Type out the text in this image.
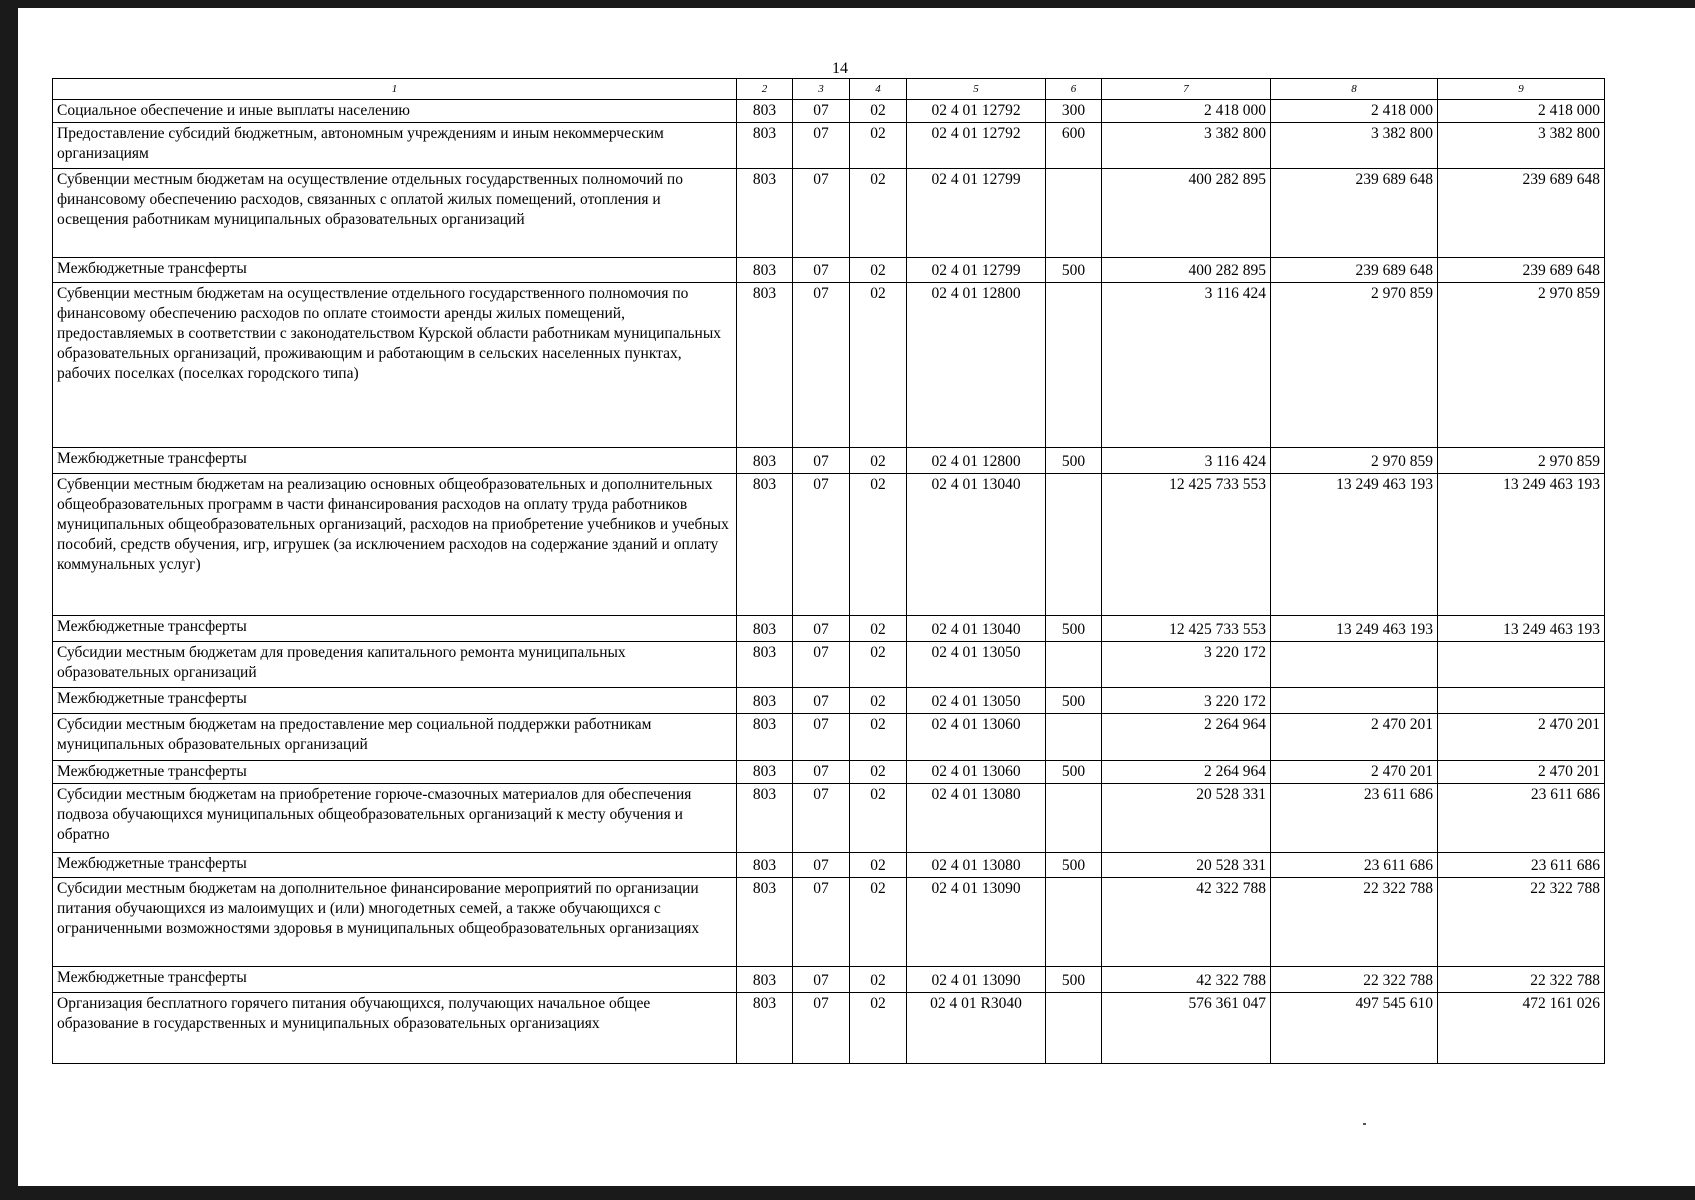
14
1	2	3	4	5	6	7	8	9
Социальное обеспечение и иные выплаты населению	803	07	02	02 4 01 12792	300	2 418 000	2 418 000	2 418 000
Предоставление субсидий бюджетным, автономным учреждениям и иным некоммерческим организациям	803	07	02	02 4 01 12792	600	3 382 800	3 382 800	3 382 800
Субвенции местным бюджетам на осуществление отдельных государственных полномочий по финансовому обеспечению расходов, связанных с оплатой жилых помещений, отопления и освещения работникам муниципальных образовательных организаций	803	07	02	02 4 01 12799		400 282 895	239 689 648	239 689 648
Межбюджетные трансферты	803	07	02	02 4 01 12799	500	400 282 895	239 689 648	239 689 648
Субвенции местным бюджетам на осуществление отдельного государственного полномочия по финансовому обеспечению расходов по оплате стоимости аренды жилых помещений, предоставляемых в соответствии с законодательством Курской области работникам муниципальных образовательных организаций, проживающим и работающим в сельских населенных пунктах, рабочих поселках (поселках городского типа)	803	07	02	02 4 01 12800		3 116 424	2 970 859	2 970 859
Межбюджетные трансферты	803	07	02	02 4 01 12800	500	3 116 424	2 970 859	2 970 859
Субвенции местным бюджетам на реализацию основных общеобразовательных и дополнительных общеобразовательных программ в части финансирования расходов на оплату труда работников муниципальных общеобразовательных организаций, расходов на приобретение учебников и учебных пособий, средств обучения, игр, игрушек (за исключением расходов на содержание зданий и оплату коммунальных услуг)	803	07	02	02 4 01 13040		12 425 733 553	13 249 463 193	13 249 463 193
Межбюджетные трансферты	803	07	02	02 4 01 13040	500	12 425 733 553	13 249 463 193	13 249 463 193
Субсидии местным бюджетам для проведения капитального ремонта муниципальных образовательных организаций	803	07	02	02 4 01 13050		3 220 172		
Межбюджетные трансферты	803	07	02	02 4 01 13050	500	3 220 172		
Субсидии местным бюджетам на предоставление мер социальной поддержки работникам муниципальных образовательных организаций	803	07	02	02 4 01 13060		2 264 964	2 470 201	2 470 201
Межбюджетные трансферты	803	07	02	02 4 01 13060	500	2 264 964	2 470 201	2 470 201
Субсидии местным бюджетам на приобретение горюче-смазочных материалов для обеспечения подвоза обучающихся муниципальных общеобразовательных организаций к месту обучения и обратно	803	07	02	02 4 01 13080		20 528 331	23 611 686	23 611 686
Межбюджетные трансферты	803	07	02	02 4 01 13080	500	20 528 331	23 611 686	23 611 686
Субсидии местным бюджетам на дополнительное финансирование мероприятий по организации питания обучающихся из малоимущих и (или) многодетных семей, а также обучающихся с ограниченными возможностями здоровья в муниципальных общеобразовательных организациях	803	07	02	02 4 01 13090		42 322 788	22 322 788	22 322 788
Межбюджетные трансферты	803	07	02	02 4 01 13090	500	42 322 788	22 322 788	22 322 788
Организация бесплатного горячего питания обучающихся, получающих начальное общее образование в государственных и муниципальных образовательных организациях	803	07	02	02 4 01 R3040		576 361 047	497 545 610	472 161 026
